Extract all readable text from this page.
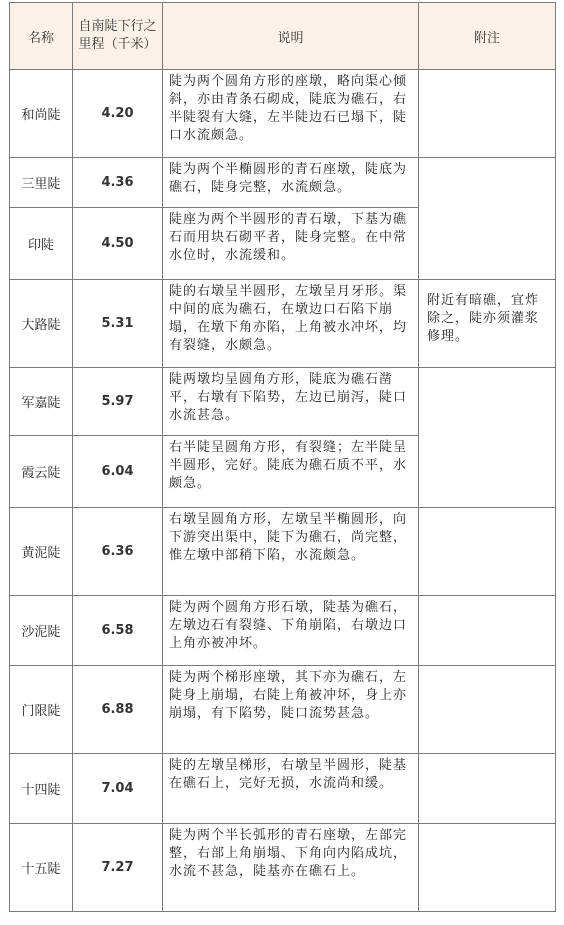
名称	自南陡下行之里程（千米）	说明	附注
和尚陡	4.20	陡为两个圆角方形的座墩，略向渠心倾斜，亦由青条石砌成，陡底为礁石，右半陡裂有大缝，左半陡边石已塌下，陡口水流颇急。	
三里陡	4.36	陡为两个半椭圆形的青石座墩，陡底为礁石，陡身完整，水流颇急。	
印陡	4.50	陡座为两个半圆形的青石墩，下基为礁石而用块石砌平者，陡身完整。在中常水位时，水流缓和。	
大路陡	5.31	陡的右墩呈半圆形，左墩呈月牙形。渠中间的底为礁石，在墩边口石陷下崩塌，在墩下角亦陷，上角被水冲坏，均有裂缝，水颇急。	附近有暗礁，宜炸除之，陡亦须灌浆修理。
军嘉陡	5.97	陡两墩均呈圆角方形，陡底为礁石凿平，右墩有下陷势，左边已崩泻，陡口水流甚急。	
霞云陡	6.04	右半陡呈圆角方形，有裂缝；左半陡呈半圆形，完好。陡底为礁石质不平，水颇急。	
黄泥陡	6.36	右墩呈圆角方形，左墩呈半椭圆形，向下游突出渠中，陡下为礁石，尚完整，惟左墩中部稍下陷，水流颇急。	
沙泥陡	6.58	陡为两个圆角方形石墩，陡基为礁石，左墩边石有裂缝、下角崩陷，右墩边口上角亦被冲坏。	
门限陡	6.88	陡为两个梯形座墩，其下亦为礁石，左陡身上崩塌，右陡上角被冲坏，身上亦崩塌，有下陷势，陡口流势甚急。	
十四陡	7.04	陡的左墩呈梯形，右墩呈半圆形，陡基在礁石上，完好无损，水流尚和缓。	
十五陡	7.27	陡为两个半长弧形的青石座墩，左部完整，右部上角崩塌、下角向内陷成坑，水流不甚急，陡基亦在礁石上。	
